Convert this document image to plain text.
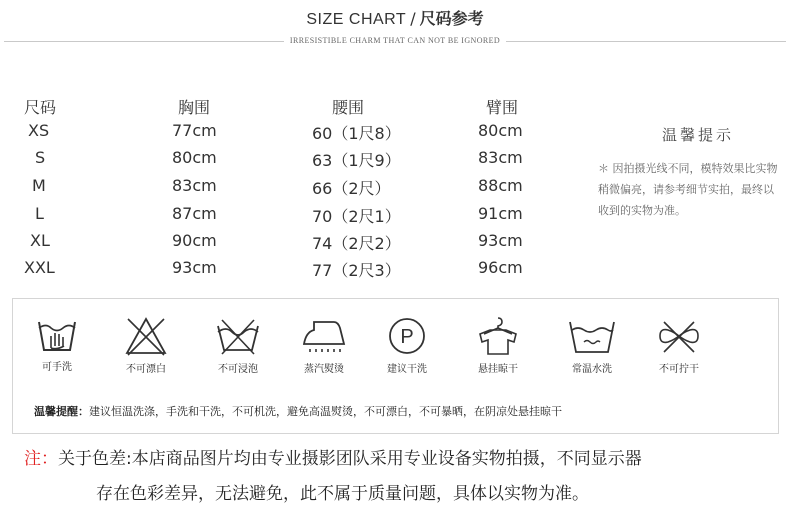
SIZE CHART / 尺码参考
IRRESISTIBLE CHARM THAT CAN NOT BE IGNORED
尺码	胸围	腰围	臂围
XS	77cm	60（1尺8）	80cm
S	80cm	63（1尺9）	83cm
M	83cm	66（2尺）	88cm
L	87cm	70（2尺1）	91cm
XL	90cm	74（2尺2）	93cm
XXL	93cm	77（2尺3）	96cm
温馨提示
＊ 因拍摄光线不同，模特效果比实物稍微偏亮，请参考细节实拍，最终以收到的实物为准。
可手洗	不可漂白	不可浸泡	蒸汽熨烫
P
建议干洗	悬挂晾干	常温水洗	不可拧干
温馨提醒：建议恒温洗涤，手洗和干洗，不可机洗，避免高温熨烫，不可漂白，不可暴晒，在阴凉处悬挂晾干
注：关于色差:本店商品图片均由专业摄影团队采用专业设备实物拍摄，不同显示器
存在色彩差异，无法避免，此不属于质量问题，具体以实物为准。
